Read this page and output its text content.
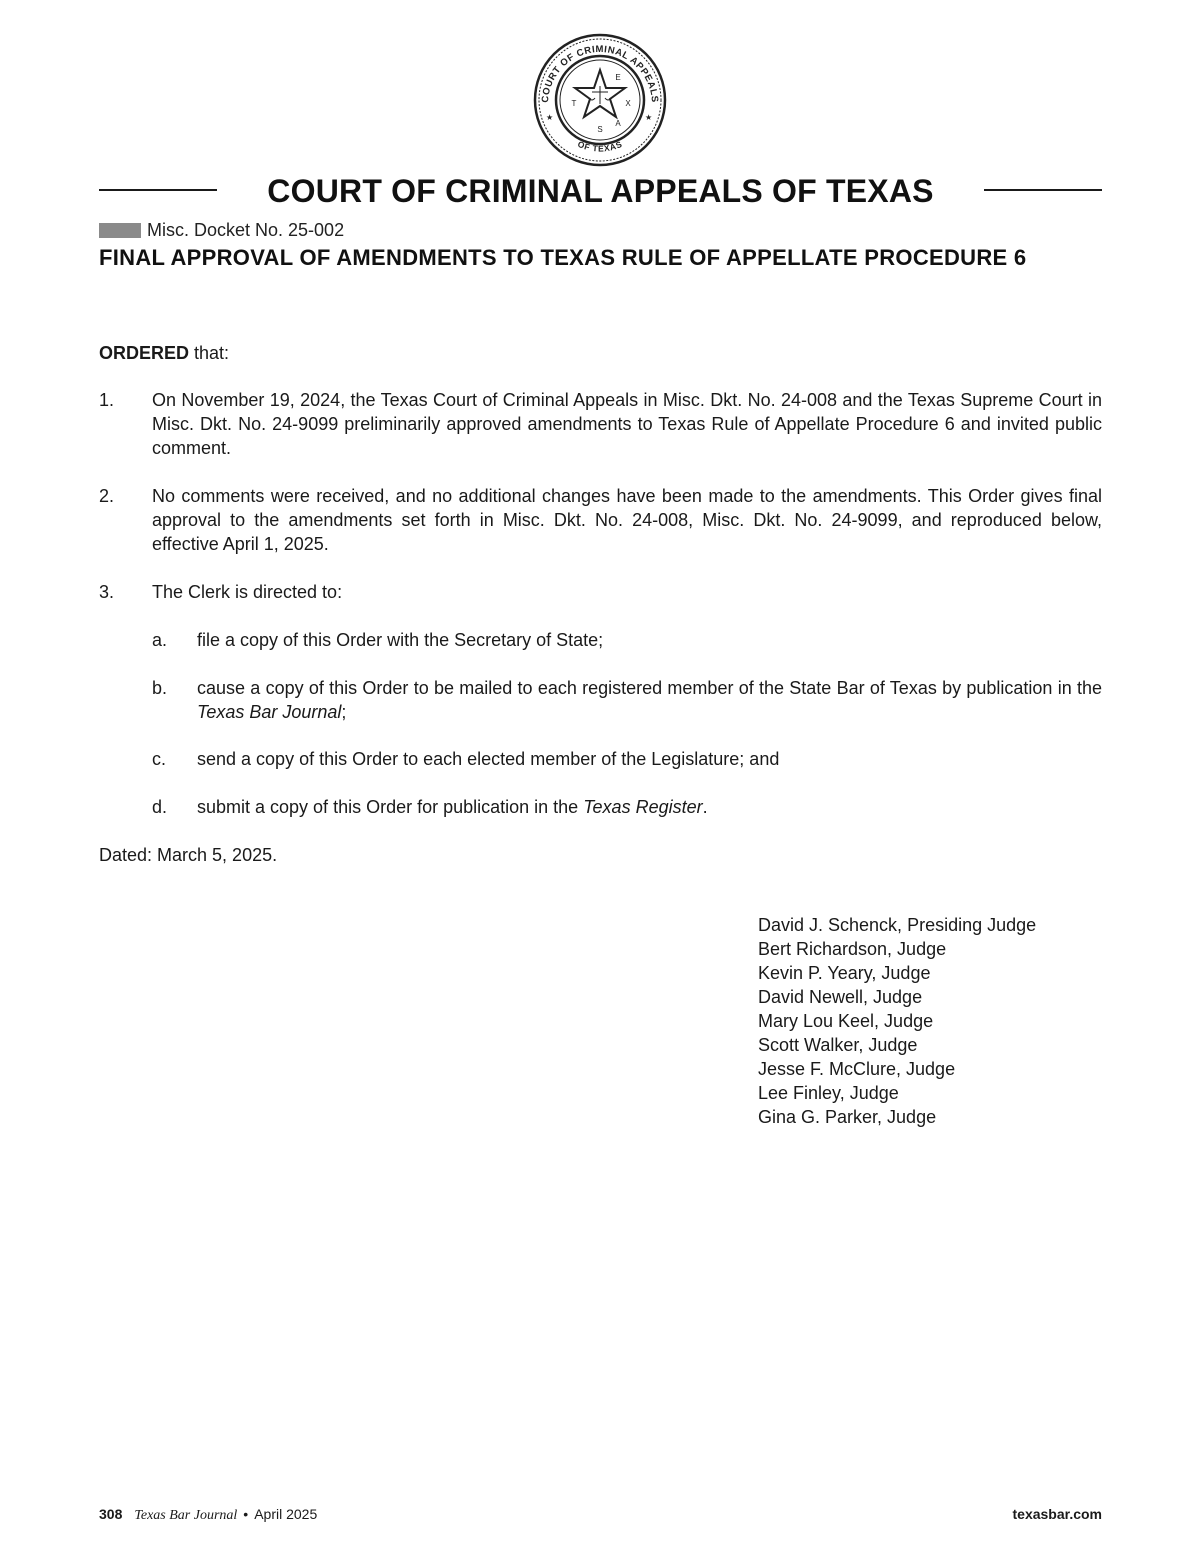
COURT OF CRIMINAL APPEALS
OF TEXAS
★	★
T
E
X
A
S
COURT OF CRIMINAL APPEALS OF TEXAS
Misc. Docket No. 25-002
FINAL APPROVAL OF AMENDMENTS TO TEXAS RULE OF APPELLATE PROCEDURE 6
ORDERED that:
1. On November 19, 2024, the Texas Court of Criminal Appeals in Misc. Dkt. No. 24-008 and the Texas Supreme Court in Misc. Dkt. No. 24-9099 preliminarily approved amendments to Texas Rule of Appellate Procedure 6 and invited public comment.
2. No comments were received, and no additional changes have been made to the amendments. This Order gives final approval to the amendments set forth in Misc. Dkt. No. 24-008, Misc. Dkt. No. 24-9099, and reproduced below, effective April 1, 2025.
3. The Clerk is directed to:
a. file a copy of this Order with the Secretary of State;
b. cause a copy of this Order to be mailed to each registered member of the State Bar of Texas by publication in the Texas Bar Journal;
c. send a copy of this Order to each elected member of the Legislature; and
d. submit a copy of this Order for publication in the Texas Register.
Dated: March 5, 2025.
David J. Schenck, Presiding Judge
Bert Richardson, Judge
Kevin P. Yeary, Judge
David Newell, Judge
Mary Lou Keel, Judge
Scott Walker, Judge
Jesse F. McClure, Judge
Lee Finley, Judge
Gina G. Parker, Judge
308 Texas Bar Journal • April 2025	texasbar.com
